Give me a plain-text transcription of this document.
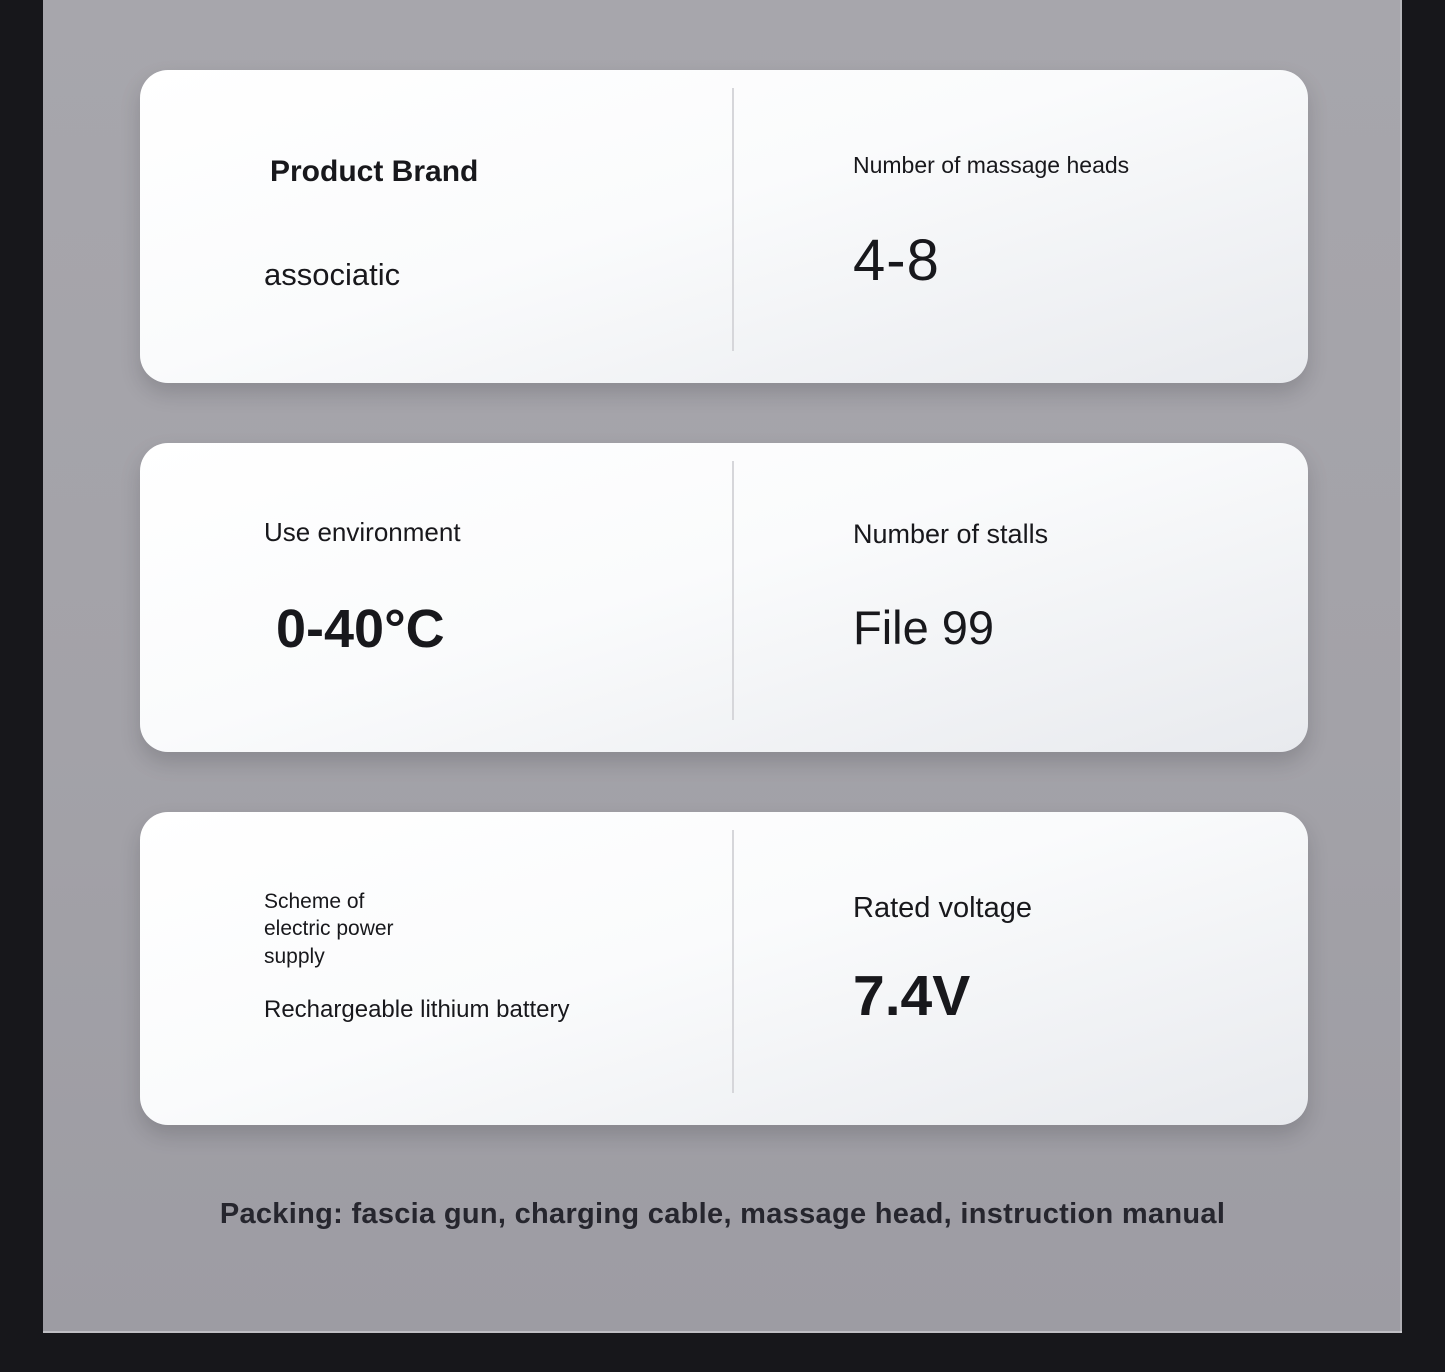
Product Brand
associatic
Number of massage heads
4-8
Use environment
0-40°C
Number of stalls
File 99
Scheme of electric power supply
Rechargeable lithium battery
Rated voltage
7.4V
Packing: fascia gun, charging cable, massage head, instruction manual
